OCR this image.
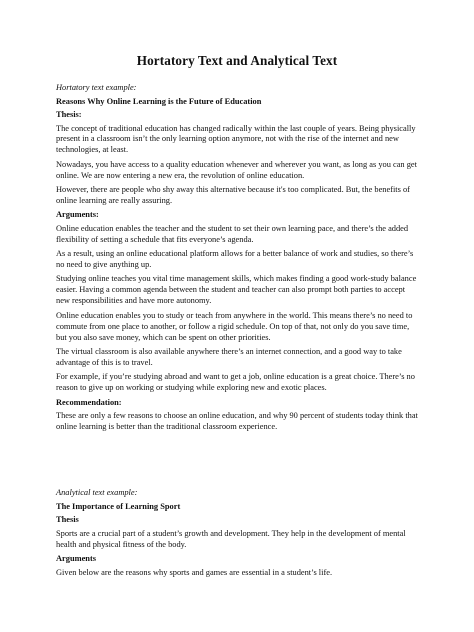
Hortatory Text and Analytical Text

Hortatory text example:

Reasons Why Online Learning is the Future of Education

Thesis:

The concept of traditional education has changed radically within the last couple of years. Being physically present in a classroom isn’t the only learning option anymore, not with the rise of the internet and new technologies, at least.

Nowadays, you have access to a quality education whenever and wherever you want, as long as you can get online. We are now entering a new era, the revolution of online education.

However, there are people who shy away this alternative because it's too complicated. But, the benefits of online learning are really assuring.

Arguments:

Online education enables the teacher and the student to set their own learning pace, and there’s the added flexibility of setting a schedule that fits everyone’s agenda.

As a result, using an online educational platform allows for a better balance of work and studies, so there’s no need to give anything up.

Studying online teaches you vital time management skills, which makes finding a good work-study balance easier. Having a common agenda between the student and teacher can also prompt both parties to accept new responsibilities and have more autonomy.

Online education enables you to study or teach from anywhere in the world. This means there’s no need to commute from one place to another, or follow a rigid schedule. On top of that, not only do you save time, but you also save money, which can be spent on other priorities.

The virtual classroom is also available anywhere there’s an internet connection, and a good way to take advantage of this is to travel.

For example, if you’re studying abroad and want to get a job, online education is a great choice. There’s no reason to give up on working or studying while exploring new and exotic places.

Recommendation:

These are only a few reasons to choose an online education, and why 90 percent of students today think that online learning is better than the traditional classroom experience.

Analytical text example:

The Importance of Learning Sport

Thesis

Sports are a crucial part of a student’s growth and development. They help in the development of mental health and physical fitness of the body.

Arguments

Given below are the reasons why sports and games are essential in a student’s life.
